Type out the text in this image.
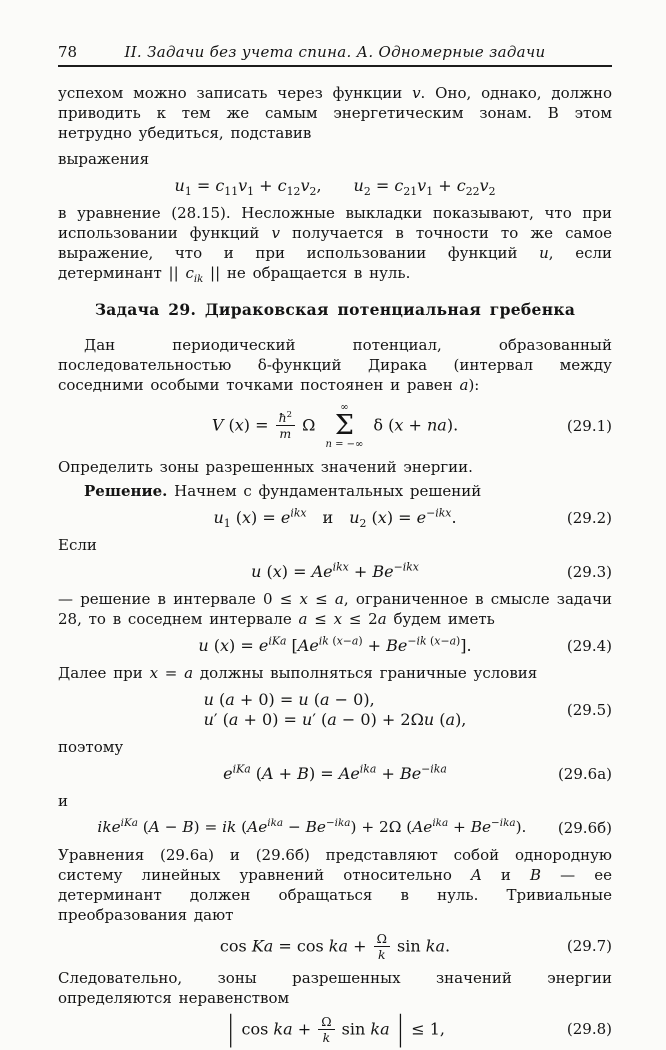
78	II. Задачи без учета спина. А. Одномерные задачи

успехом можно записать через функции v. Оно, однако, должно приводить к тем же самым энергетическим зонам. В этом нетрудно убедиться, подставив

выражения

$u_1 = c_{11}v_1 + c_{12}v_2$,  $u_2 = c_{21}v_1 + c_{22}v_2$

в уравнение (28.15). Несложные выкладки показывают, что при использовании функций v получается в точности то же самое выражение, что и при использовании функций u, если детерминант || $c_{ik}$ || не обращается в нуль.

Задача 29. Дираковская потенциальная гребенка

Дан периодический потенциал, образованный последовательностью δ-функций Дирака (интервал между соседними особыми точками постоянен и равен a):

V $(x) = \frac{ħ^2}{m}$ Ω
∞
Σ
n = −∞
δ (x + na).	(29.1)

Определить зоны разрешенных значений энергии.

Решение. Начнем с фундаментальных решений

$u_1$ $(x) = e^{ikx}$ и $u_2$ $(x) = e^{-ikx}$.	(29.2)

Если

u $(x) = Ae^{ikx} + Be^{-ikx}$	(29.3)

— решение в интервале 0 ≤ x ≤ a, ограниченное в смысле задачи 28, то в соседнем интервале a ≤ x ≤ 2a будем иметь

u $(x) = e^{iKa}$ $[Ae^{ik (x-a)} + Be^{-ik (x-a)}]$.	(29.4)

Далее при x = a должны выполняться граничные условия

u (a + 0) = u (a − 0),
u′ (a + 0) = u′ (a − 0) + 2Ωu (a),	(29.5)

поэтому

$e^{iKa}$ $(A + B) = Ae^{ika} + Be^{-ika}$	(29.6а)

и

ike$^{iKa}$ (A − B) = ik $(Ae^{ika} - Be^{-ika}) + 2\Omega$ $(Ae^{ika} + Be^{-ika})$.	(29.6б)

Уравнения (29.6а) и (29.6б) представляют собой однородную систему линейных уравнений относительно A и B — ее детерминант должен обращаться в нуль. Тривиальные преобразования дают

cos Ka = cos ka + $\frac{\Omega}{k}$ sin ka.	(29.7)

Следовательно, зоны разрешенных значений энергии определяются неравенством

| cos ka + $\frac{\Omega}{k}$ sin ka | ≤ 1,	(29.8)
